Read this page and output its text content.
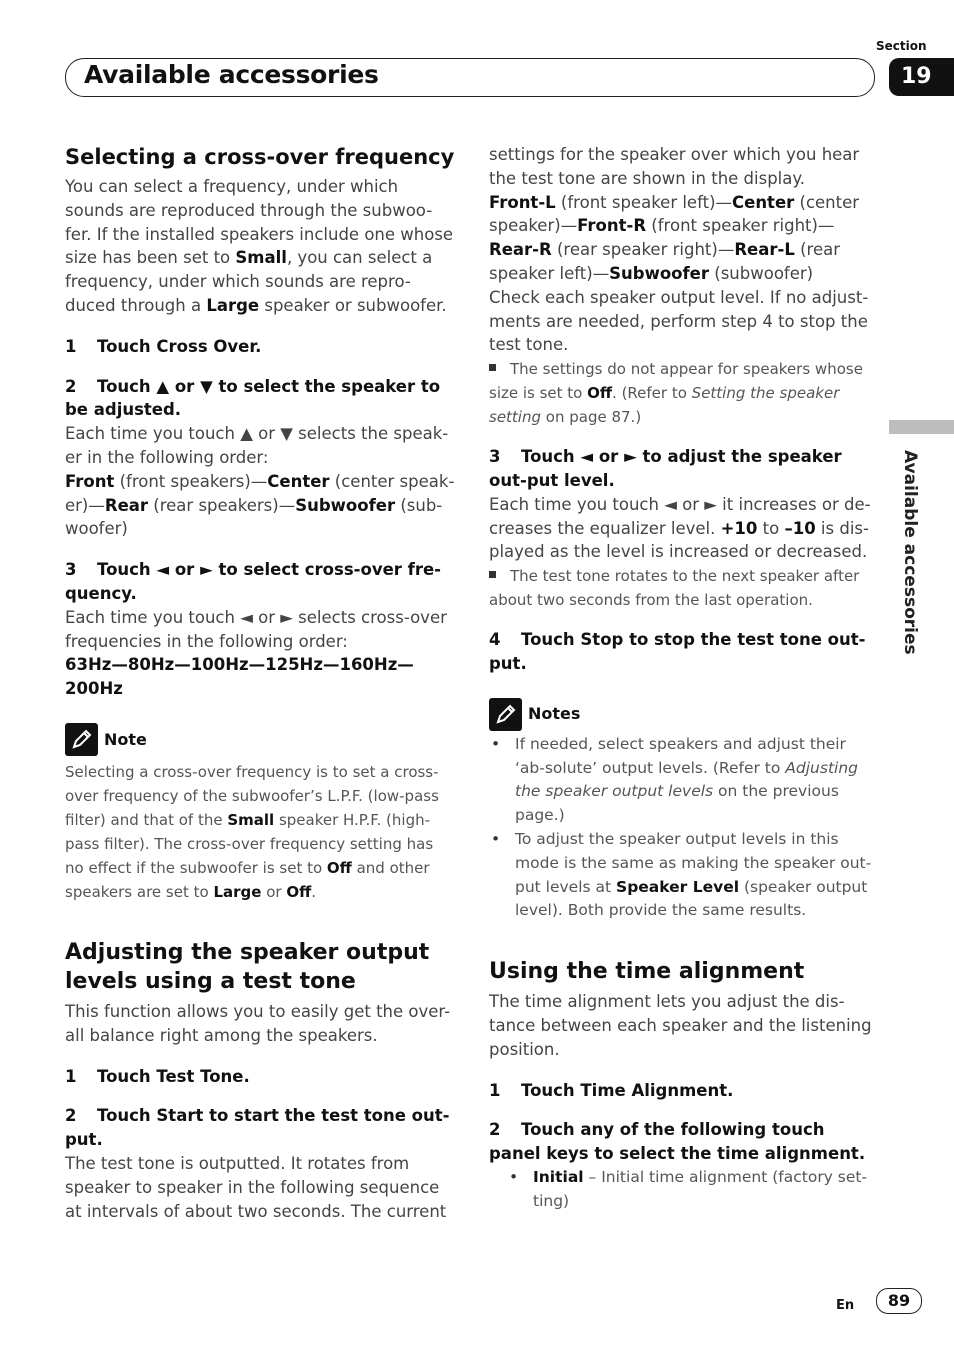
Section
Available accessories	19
Available accessories
Selecting a cross-over frequency

You can select a frequency, under which sounds are reproduced through the subwoo-fer. If the installed speakers include one whose size has been set to Small, you can select a frequency, under which sounds are repro-duced through a Large speaker or subwoofer.

1 Touch Cross Over.

2 Touch ▲ or ▼ to select the speaker to be adjusted.

Each time you touch ▲ or ▼ selects the speak-er in the following order:

Front (front speakers)—Center (center speak-er)—Rear (rear speakers)—Subwoofer (sub-woofer)

3 Touch ◄ or ► to select cross-over fre-quency.

Each time you touch ◄ or ► selects cross-over frequencies in the following order:

63Hz—80Hz—100Hz—125Hz—160Hz—200Hz

Note

Selecting a cross-over frequency is to set a cross-over frequency of the subwoofer’s L.P.F. (low-pass filter) and that of the Small speaker H.P.F. (high-pass filter). The cross-over frequency setting has no effect if the subwoofer is set to Off and other speakers are set to Large or Off.

Adjusting the speaker output levels using a test tone

This function allows you to easily get the over-all balance right among the speakers.

1 Touch Test Tone.

2 Touch Start to start the test tone out-put.

The test tone is outputted. It rotates from speaker to speaker in the following sequence at intervals of about two seconds. The current

settings for the speaker over which you hear the test tone are shown in the display.

Front-L (front speaker left)—Center (center speaker)—Front-R (front speaker right)—Rear-R (rear speaker right)—Rear-L (rear speaker left)—Subwoofer (subwoofer)

Check each speaker output level. If no adjust-ments are needed, perform step 4 to stop the test tone.

The settings do not appear for speakers whose size is set to Off. (Refer to Setting the speaker setting on page 87.)

3 Touch ◄ or ► to adjust the speaker out-put level.

Each time you touch ◄ or ► it increases or de-creases the equalizer level. +10 to –10 is dis-played as the level is increased or decreased.

The test tone rotates to the next speaker after about two seconds from the last operation.

4 Touch Stop to stop the test tone out-put.

Notes
• If needed, select speakers and adjust their ‘ab-solute’ output levels. (Refer to Adjusting the speaker output levels on the previous page.)
• To adjust the speaker output levels in this mode is the same as making the speaker out-put levels at Speaker Level (speaker output level). Both provide the same results.
Using the time alignment

The time alignment lets you adjust the dis-tance between each speaker and the listening position.

1 Touch Time Alignment.

2 Touch any of the following touch panel keys to select the time alignment.

• Initial – Initial time alignment (factory set-ting)
En	89
